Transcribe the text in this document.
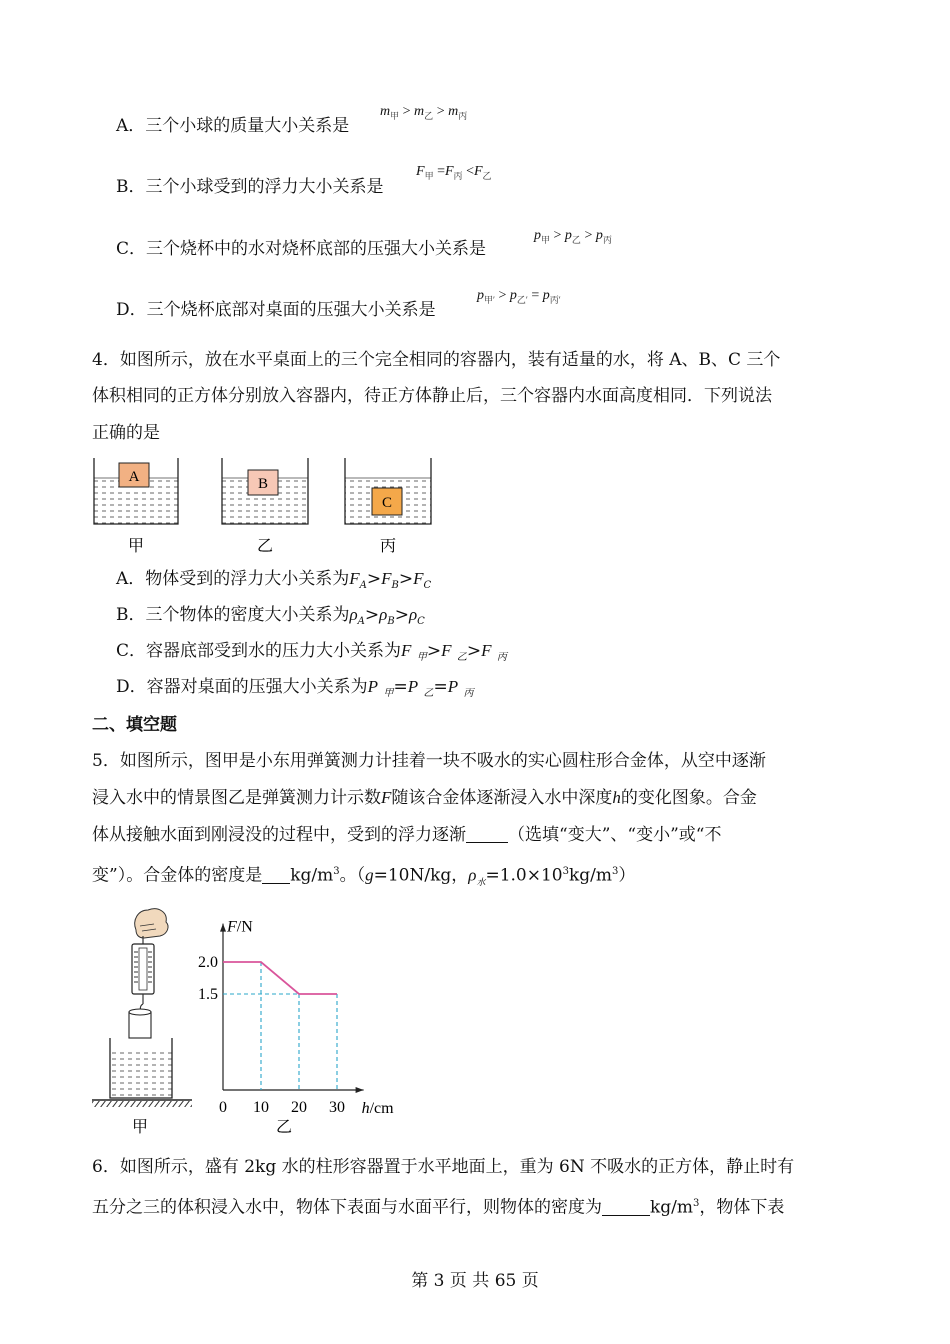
A．三个小球的质量大小关系是
$m_甲 > m_乙 > m_丙$
B．三个小球受到的浮力大小关系是
$F_甲 =F_丙 <F_乙$
C．三个烧杯中的水对烧杯底部的压强大小关系是
$p_甲 > p_乙 > p_丙$
D．三个烧杯底部对桌面的压强大小关系是
$p_{甲'} > p_{乙'} = p_{丙'}$
4．如图所示，放在水平桌面上的三个完全相同的容器内，装有适量的水，将 A、B、C 三个
体积相同的正方体分别放入容器内，待正方体静止后，三个容器内水面高度相同．下列说法
正确的是
A	B
C
甲	乙	丙
A．物体受到的浮力大小关系为$F_A>F_B>F_C$
B．三个物体的密度大小关系为$\rho_A>\rho_B>\rho_C$
C．容器底部受到水的压力大小关系为F $_甲$>F $_乙$>F $_丙$
D．容器对桌面的压强大小关系为P $_甲$=P $_乙$=P $_丙$
二、填空题
5．如图所示，图甲是小东用弹簧测力计挂着一块不吸水的实心圆柱形合金体，从空中逐渐
浸入水中的情景图乙是弹簧测力计示数F随该合金体逐渐浸入水中深度h的变化图象。合金
体从接触水面到刚浸没的过程中，受到的浮力逐渐 （选填“变大”、“变小”或“不
变”）。合金体的密度是 $kg/m^3$。（g=10N/kg，$\rho_水=1.0\times 10^3kg/m^3$）
甲
F/N
h/cm
0 10 20 30
2.0
1.5
乙
6．如图所示，盛有 2kg 水的柱形容器置于水平地面上，重为 6N 不吸水的正方体，静止时有
五分之三的体积浸入水中，物体下表面与水面平行，则物体的密度为	$kg/m^3$，物体下表
第 3 页 共 65 页
